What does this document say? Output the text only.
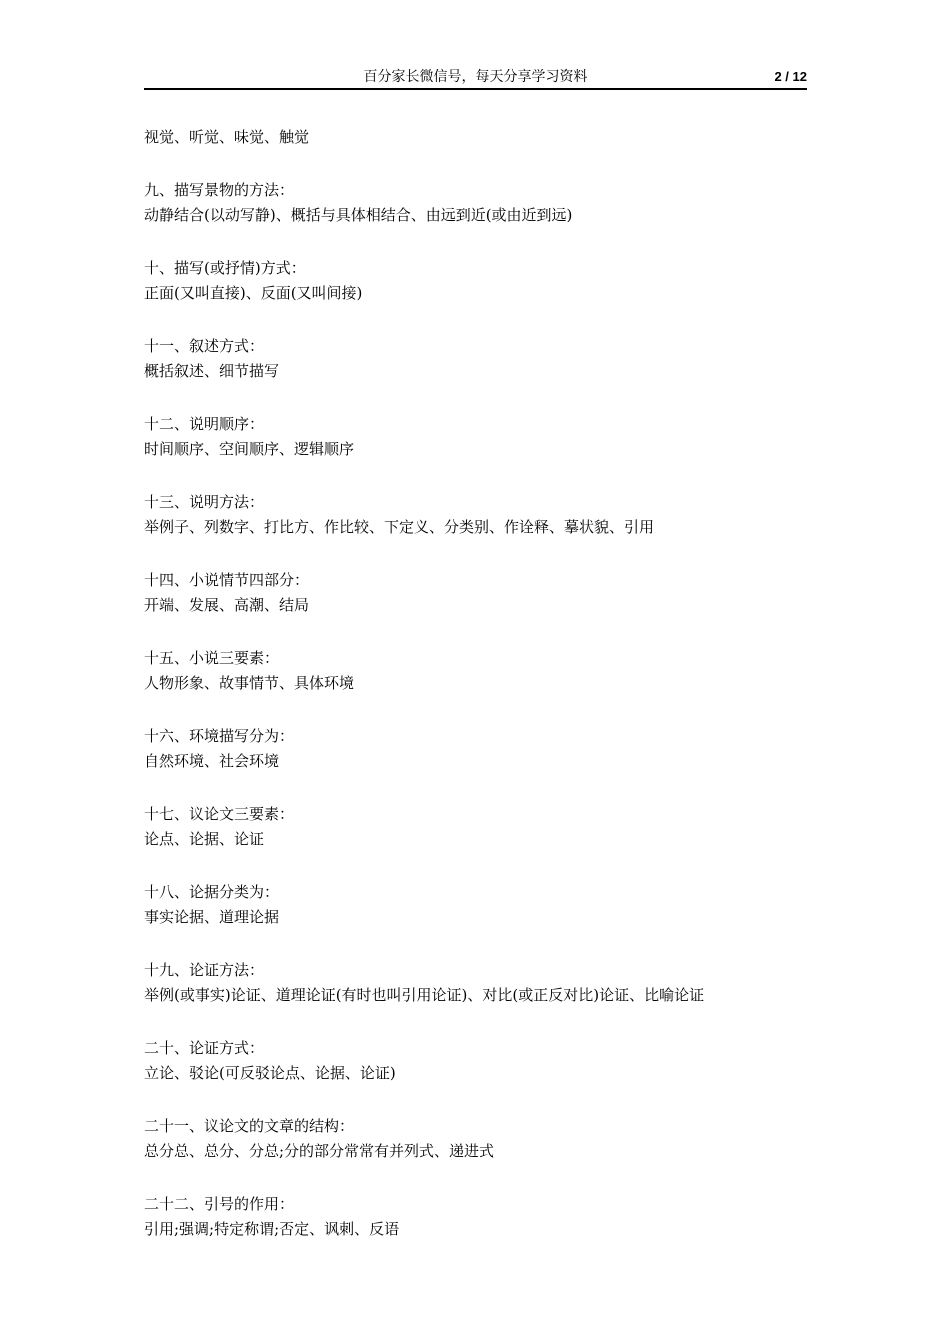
百分家长微信号，每天分享学习资料	2 / 12
视觉、听觉、味觉、触觉
九、描写景物的方法：
动静结合(以动写静)、概括与具体相结合、由远到近(或由近到远)
十、描写(或抒情)方式：
正面(又叫直接)、反面(又叫间接)
十一、叙述方式：
概括叙述、细节描写
十二、说明顺序：
时间顺序、空间顺序、逻辑顺序
十三、说明方法：
举例子、列数字、打比方、作比较、下定义、分类别、作诠释、摹状貌、引用
十四、小说情节四部分：
开端、发展、高潮、结局
十五、小说三要素：
人物形象、故事情节、具体环境
十六、环境描写分为：
自然环境、社会环境
十七、议论文三要素：
论点、论据、论证
十八、论据分类为：
事实论据、道理论据
十九、论证方法：
举例(或事实)论证、道理论证(有时也叫引用论证)、对比(或正反对比)论证、比喻论证
二十、论证方式：
立论、驳论(可反驳论点、论据、论证)
二十一、议论文的文章的结构：
总分总、总分、分总;分的部分常常有并列式、递进式
二十二、引号的作用：
引用;强调;特定称谓;否定、讽刺、反语
